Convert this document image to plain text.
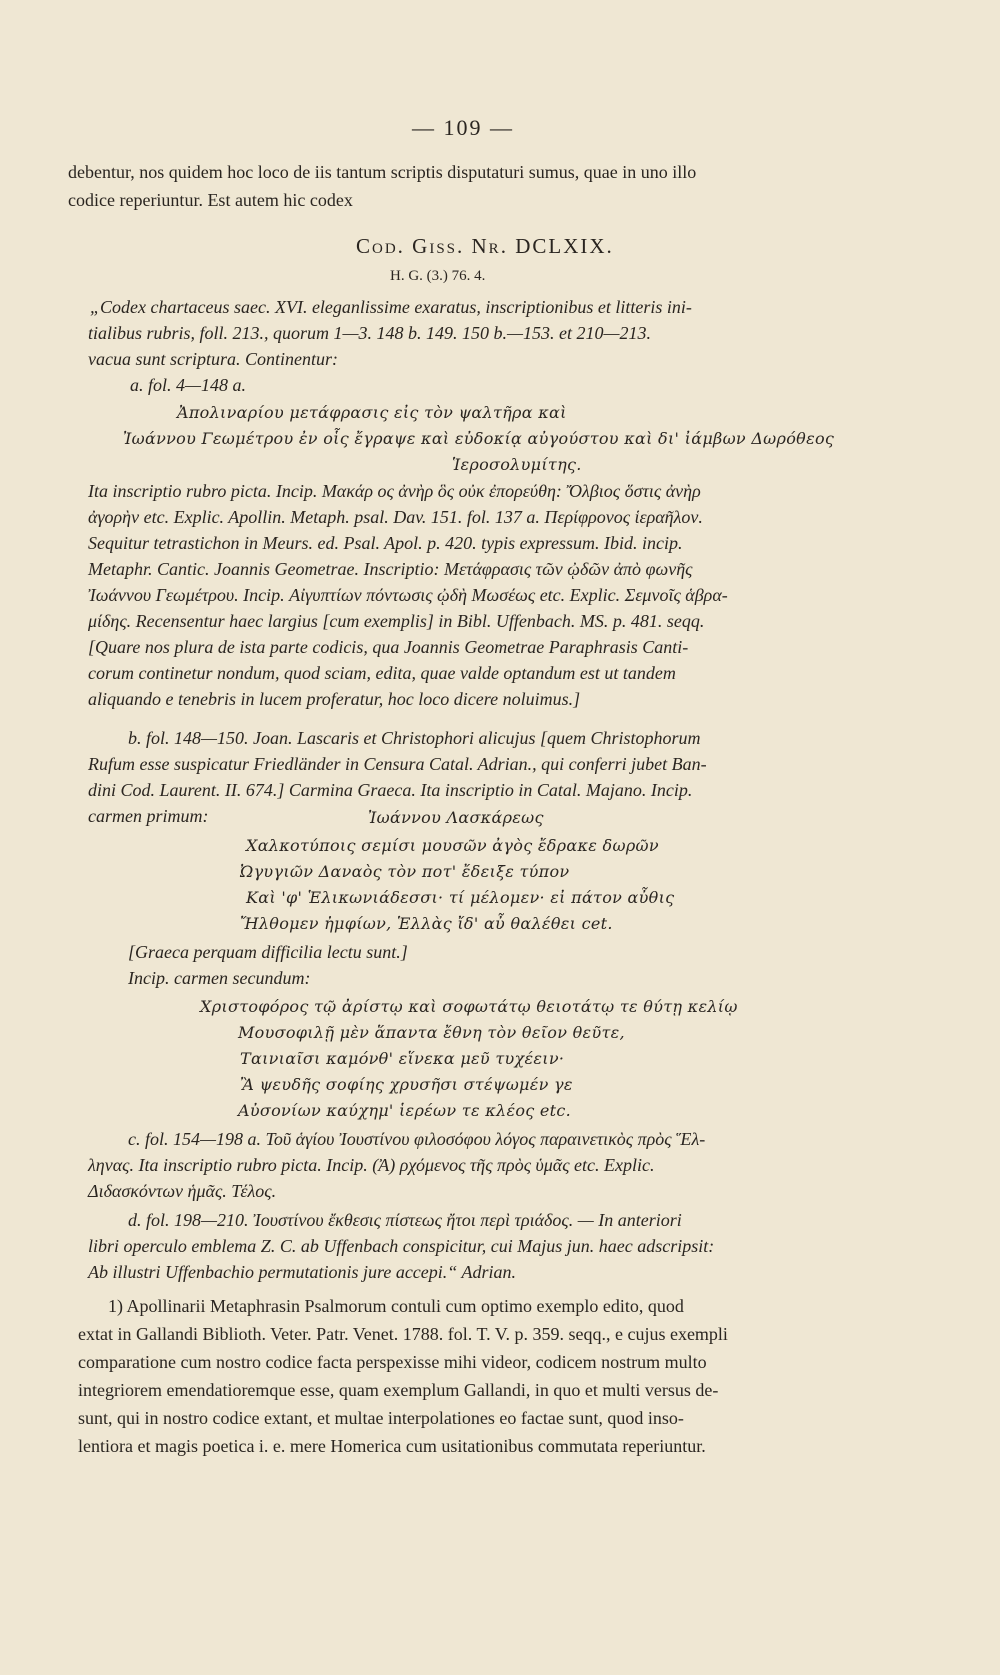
— 109 —
debentur, nos quidem hoc loco de iis tantum scriptis disputaturi sumus, quae in uno illo
codice reperiuntur. Est autem hic codex
Cod. Giss. Nr. DCLXIX.
H. G. (3.) 76. 4.
„Codex chartaceus saec. XVI. eleganlissime exaratus, inscriptionibus et litteris ini-
tialibus rubris, foll. 213., quorum 1—3. 148 b. 149. 150 b.—153. et 210—213.
vacua sunt scriptura. Continentur:
a. fol. 4—148 a.
Ἀπολιναρίου μετάφρασις εἰς τὸν ψαλτῆρα καὶ
Ἰωάννου Γεωμέτρου ἐν οἷς ἔγραψε καὶ εὐδοκίᾳ αὐγούστου καὶ δι' ἰάμβων Δωρόθεος
Ἱεροσολυμίτης.
Ita inscriptio rubro picta. Incip. Μακάρ ος ἀνὴρ ὃς οὐκ ἐπορεύθη: Ὄλβιος ὅστις ἀνὴρ
ἀγορὴν etc. Explic. Apollin. Metaph. psal. Dav. 151. fol. 137 a. Περίφρονος ἱεραῆλον.
Sequitur tetrastichon in Meurs. ed. Psal. Apol. p. 420. typis expressum. Ibid. incip.
Metaphr. Cantic. Joannis Geometrae. Inscriptio: Μετάφρασις τῶν ᾠδῶν ἀπὸ φωνῆς
Ἰωάννου Γεωμέτρου. Incip. Αἰγυπτίων πόντωσις ᾠδὴ Μωσέως etc. Explic. Σεμνοῖς ἁβρα-
μίδης. Recensentur haec largius [cum exemplis] in Bibl. Uffenbach. MS. p. 481. seqq.
[Quare nos plura de ista parte codicis, qua Joannis Geometrae Paraphrasis Canti-
corum continetur nondum, quod sciam, edita, quae valde optandum est ut tandem
aliquando e tenebris in lucem proferatur, hoc loco dicere noluimus.]
b. fol. 148—150. Joan. Lascaris et Christophori alicujus [quem Christophorum
Rufum esse suspicatur Friedländer in Censura Catal. Adrian., qui conferri jubet Ban-
dini Cod. Laurent. II. 674.] Carmina Graeca. Ita inscriptio in Catal. Majano. Incip.
carmen primum:	Ἰωάννου Λασκάρεως
Χαλκοτύποις σεμίσι μουσῶν ἀγὸς ἔδρακε δωρῶν
Ὠγυγιῶν Δαναὸς τὸν ποτ' ἔδειξε τύπον
Καὶ 'φ' Ἑλικωνιάδεσσι· τί μέλομεν· εἰ πάτον αὖθις
Ἤλθομεν ἠμφίων, Ἑλλὰς ἴδ' αὖ θαλέθει cet.
[Graeca perquam difficilia lectu sunt.]
Incip. carmen secundum:
Χριστοφόρος τῷ ἀρίστῳ καὶ σοφωτάτῳ θειοτάτῳ τε θύτῃ κελίῳ
Μουσοφιλῇ μὲν ἅπαντα ἔθνη τὸν θεῖον θεῦτε,
Ταινιαῖσι καμόνθ' εἵνεκα μεῦ τυχέειν·
Ἂ ψευδῆς σοφίης χρυσῆσι στέψωμέν γε
Αὐσονίων καύχημ' ἱερέων τε κλέος etc.
c. fol. 154—198 a. Τοῦ ἁγίου Ἰουστίνου φιλοσόφου λόγος παραινετικὸς πρὸς Ἕλ-
ληνας. Ita inscriptio rubro picta. Incip. (Ἀ) ρχόμενος τῆς πρὸς ὑμᾶς etc. Explic.
Διδασκόντων ἡμᾶς. Τέλος.
d. fol. 198—210. Ἰουστίνου ἔκθεσις πίστεως ἤτοι περὶ τριάδος. — In anteriori
libri operculo emblema Z. C. ab Uffenbach conspicitur, cui Majus jun. haec adscripsit:
Ab illustri Uffenbachio permutationis jure accepi.“ Adrian.
1) Apollinarii Metaphrasin Psalmorum contuli cum optimo exemplo edito, quod
extat in Gallandi Biblioth. Veter. Patr. Venet. 1788. fol. T. V. p. 359. seqq., e cujus exempli
comparatione cum nostro codice facta perspexisse mihi videor, codicem nostrum multo
integriorem emendatioremque esse, quam exemplum Gallandi, in quo et multi versus de-
sunt, qui in nostro codice extant, et multae interpolationes eo factae sunt, quod inso-
lentiora et magis poetica i. e. mere Homerica cum usitationibus commutata reperiuntur.
